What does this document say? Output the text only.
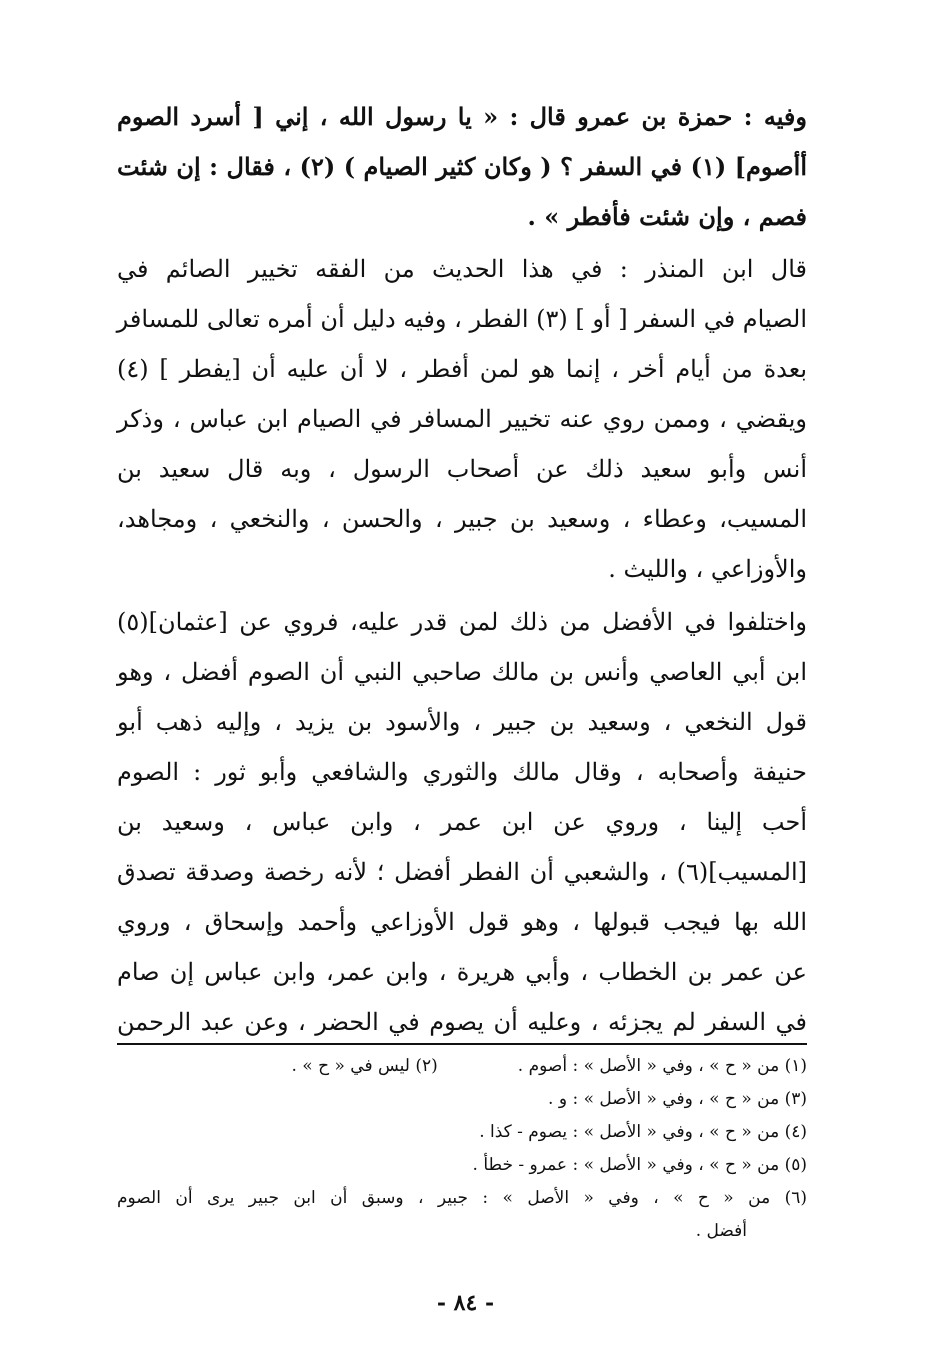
وفيه : حمزة بن عمرو قال : « يا رسول الله ، إني [ أسرد الصوم
أأصوم] (١) في السفر ؟ ( وكان كثير الصيام ) (٢) ، فقال : إن شئت
فصم ، وإن شئت فأفطر » .
قال ابن المنذر : في هذا الحديث من الفقه تخيير الصائم في
الصيام في السفر [ أو ] (٣) الفطر ، وفيه دليل أن أمره تعالى للمسافر
بعدة من أيام أخر ، إنما هو لمن أفطر ، لا أن عليه أن [يفطر ] (٤)
ويقضي ، وممن روي عنه تخيير المسافر في الصيام ابن عباس ، وذكر
أنس وأبو سعيد ذلك عن أصحاب الرسول ، وبه قال سعيد بن
المسيب، وعطاء ، وسعيد بن جبير ، والحسن ، والنخعي ، ومجاهد،
والأوزاعي ، والليث .
واختلفوا في الأفضل من ذلك لمن قدر عليه، فروي عن [عثمان](٥)
ابن أبي العاصي وأنس بن مالك صاحبي النبي أن الصوم أفضل ، وهو
قول النخعي ، وسعيد بن جبير ، والأسود بن يزيد ، وإليه ذهب أبو
حنيفة وأصحابه ، وقال مالك والثوري والشافعي وأبو ثور : الصوم
أحب إلينا ، وروي عن ابن عمر ، وابن عباس ، وسعيد بن
[المسيب](٦) ، والشعبي أن الفطر أفضل ؛ لأنه رخصة وصدقة تصدق
الله بها فيجب قبولها ، وهو قول الأوزاعي وأحمد وإسحاق ، وروي
عن عمر بن الخطاب ، وأبي هريرة ، وابن عمر، وابن عباس إن صام
في السفر لم يجزئه ، وعليه أن يصوم في الحضر ، وعن عبد الرحمن
(١) من « ح » ، وفي « الأصل » : أصوم .
(٢) ليس في « ح » .
(٣) من « ح » ، وفي « الأصل » : و .
(٤) من « ح » ، وفي « الأصل » : يصوم - كذا .
(٥) من « ح » ، وفي « الأصل » : عمرو - خطأ .
(٦) من « ح » ، وفي « الأصل » : جبير ، وسبق أن ابن جبير يرى أن الصوم
أفضل .
- ٨٤ -
